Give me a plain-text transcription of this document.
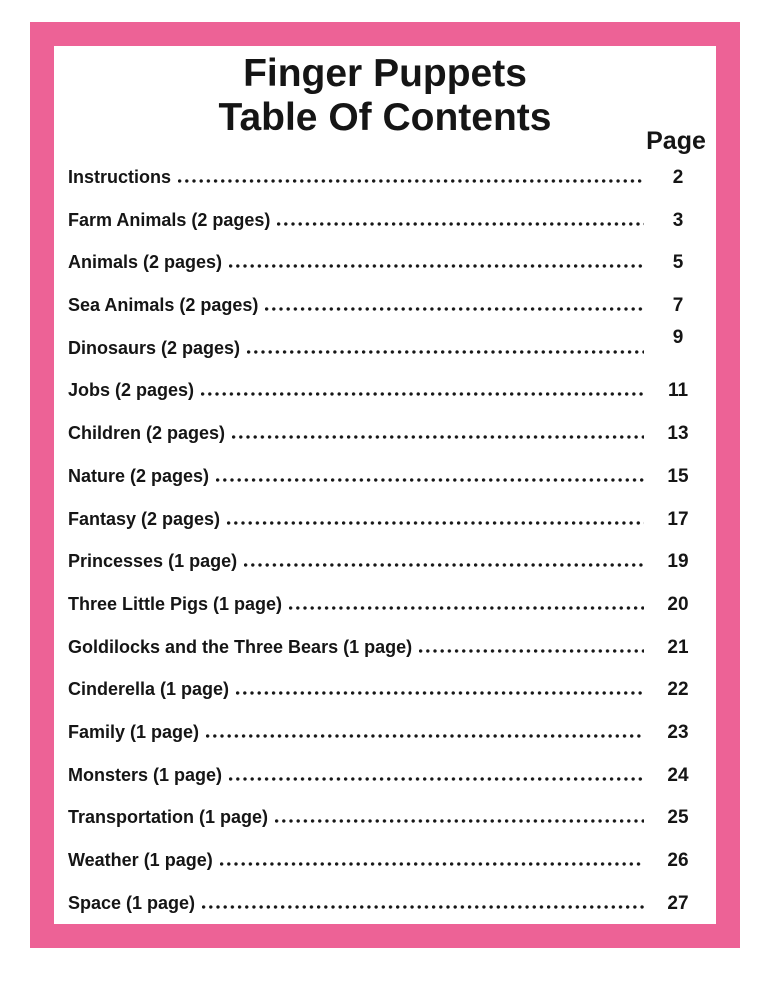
Finger Puppets
Table Of Contents
Page
Instructions	2
Farm Animals (2 pages)	3
Animals (2 pages)	5
Sea Animals (2 pages)	7
Dinosaurs (2 pages)	9
Jobs (2 pages)	11
Children (2 pages)	13
Nature (2 pages)	15
Fantasy (2 pages)	17
Princesses (1 page)	19
Three Little Pigs (1 page)	20
Goldilocks and the Three Bears (1 page)	21
Cinderella (1 page)	22
Family (1 page)	23
Monsters (1 page)	24
Transportation (1 page)	25
Weather (1 page)	26
Space (1 page)	27
